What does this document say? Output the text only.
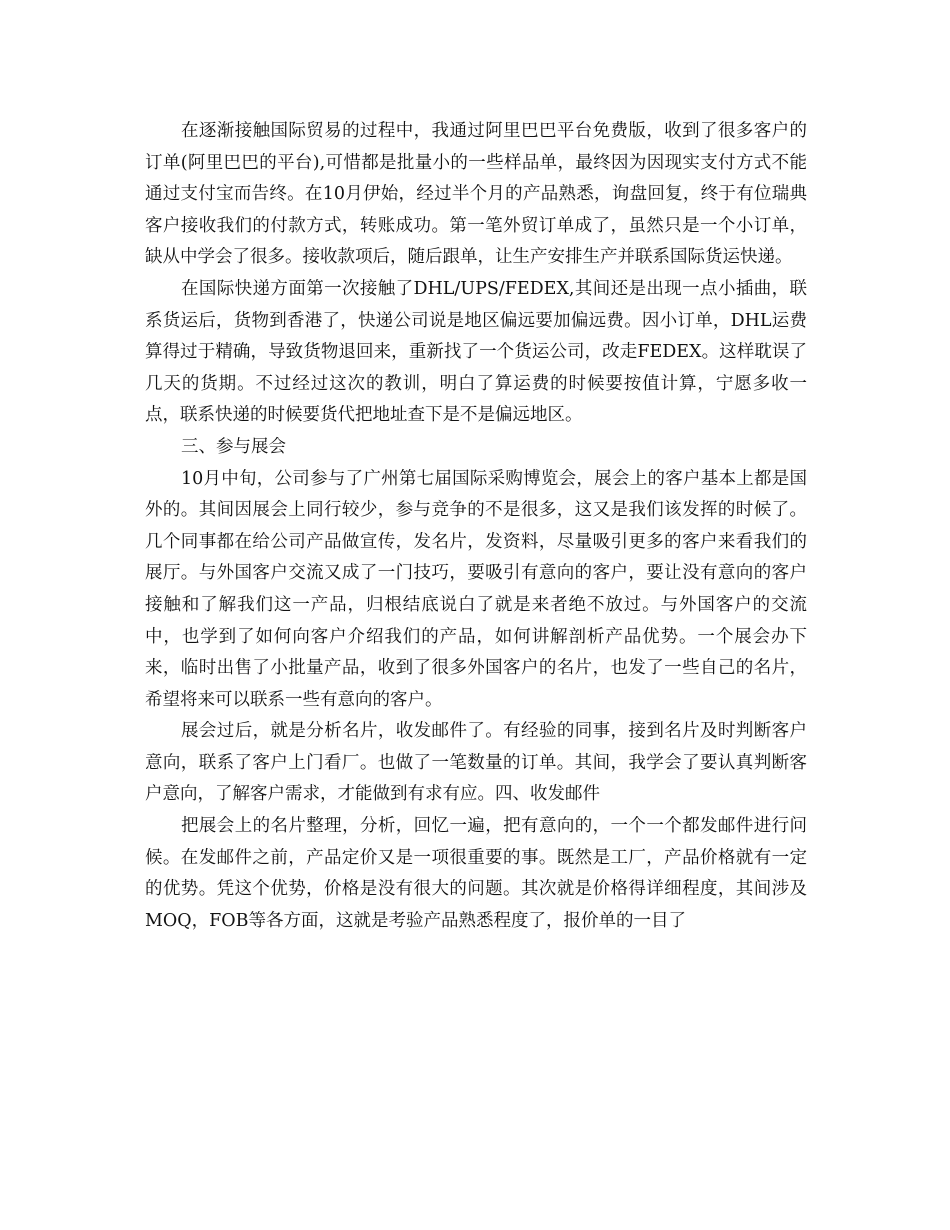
在逐渐接触国际贸易的过程中，我通过阿里巴巴平台免费版，收到了很多客户的订单(阿里巴巴的平台),可惜都是批量小的一些样品单，最终因为因现实支付方式不能通过支付宝而告终。在10月伊始，经过半个月的产品熟悉，询盘回复，终于有位瑞典客户接收我们的付款方式，转账成功。第一笔外贸订单成了，虽然只是一个小订单，缺从中学会了很多。接收款项后，随后跟单，让生产安排生产并联系国际货运快递。

在国际快递方面第一次接触了DHL/UPS/FEDEX,其间还是出现一点小插曲，联系货运后，货物到香港了，快递公司说是地区偏远要加偏远费。因小订单，DHL运费算得过于精确，导致货物退回来，重新找了一个货运公司，改走FEDEX。这样耽误了几天的货期。不过经过这次的教训，明白了算运费的时候要按值计算，宁愿多收一点，联系快递的时候要货代把地址查下是不是偏远地区。

三、参与展会

10月中旬，公司参与了广州第七届国际采购博览会，展会上的客户基本上都是国外的。其间因展会上同行较少，参与竞争的不是很多，这又是我们该发挥的时候了。几个同事都在给公司产品做宣传，发名片，发资料，尽量吸引更多的客户来看我们的展厅。与外国客户交流又成了一门技巧，要吸引有意向的客户，要让没有意向的客户接触和了解我们这一产品，归根结底说白了就是来者绝不放过。与外国客户的交流中，也学到了如何向客户介绍我们的产品，如何讲解剖析产品优势。一个展会办下来，临时出售了小批量产品，收到了很多外国客户的名片，也发了一些自己的名片，希望将来可以联系一些有意向的客户。

展会过后，就是分析名片，收发邮件了。有经验的同事，接到名片及时判断客户意向，联系了客户上门看厂。也做了一笔数量的订单。其间，我学会了要认真判断客户意向，了解客户需求，才能做到有求有应。四、收发邮件

把展会上的名片整理，分析，回忆一遍，把有意向的，一个一个都发邮件进行问候。在发邮件之前，产品定价又是一项很重要的事。既然是工厂，产品价格就有一定的优势。凭这个优势，价格是没有很大的问题。其次就是价格得详细程度，其间涉及MOQ，FOB等各方面，这就是考验产品熟悉程度了，报价单的一目了
